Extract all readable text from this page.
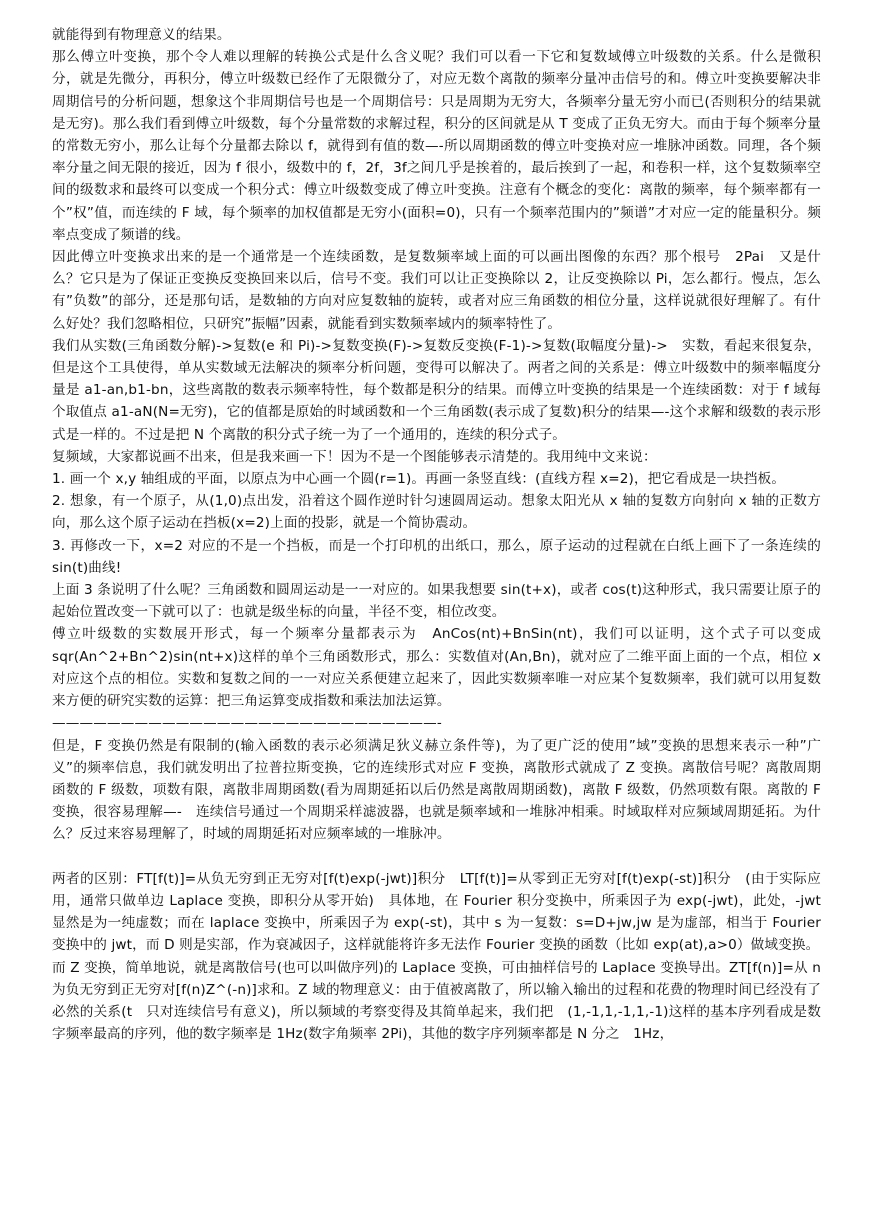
就能得到有物理意义的结果。

那么傅立叶变换，那个令人难以理解的转换公式是什么含义呢？我们可以看一下它和复数域傅立叶级数的关系。什么是微积分，就是先微分，再积分，傅立叶级数已经作了无限微分了，对应无数个离散的频率分量冲击信号的和。傅立叶变换要解决非周期信号的分析问题，想象这个非周期信号也是一个周期信号：只是周期为无穷大，各频率分量无穷小而已(否则积分的结果就是无穷)。那么我们看到傅立叶级数，每个分量常数的求解过程，积分的区间就是从 T 变成了正负无穷大。而由于每个频率分量的常数无穷小，那么让每个分量都去除以 f，就得到有值的数—-所以周期函数的傅立叶变换对应一堆脉冲函数。同理，各个频率分量之间无限的接近，因为 f 很小，级数中的 f，2f，3f之间几乎是挨着的，最后挨到了一起，和卷积一样，这个复数频率空间的级数求和最终可以变成一个积分式：傅立叶级数变成了傅立叶变换。注意有个概念的变化：离散的频率，每个频率都有一个”权”值，而连续的 F 域，每个频率的加权值都是无穷小(面积=0)，只有一个频率范围内的”频谱”才对应一定的能量积分。频率点变成了频谱的线。

因此傅立叶变换求出来的是一个通常是一个连续函数，是复数频率域上面的可以画出图像的东西？那个根号　2Pai　又是什么？它只是为了保证正变换反变换回来以后，信号不变。我们可以让正变换除以 2，让反变换除以 Pi，怎么都行。慢点，怎么有”负数”的部分，还是那句话，是数轴的方向对应复数轴的旋转，或者对应三角函数的相位分量，这样说就很好理解了。有什么好处？我们忽略相位，只研究”振幅”因素，就能看到实数频率域内的频率特性了。

我们从实数(三角函数分解)->复数(e 和 Pi)->复数变换(F)->复数反变换(F-1)->复数(取幅度分量)->　实数，看起来很复杂，但是这个工具使得，单从实数域无法解决的频率分析问题，变得可以解决了。两者之间的关系是：傅立叶级数中的频率幅度分量是 a1-an,b1-bn，这些离散的数表示频率特性，每个数都是积分的结果。而傅立叶变换的结果是一个连续函数：对于 f 域每个取值点 a1-aN(N=无穷)，它的值都是原始的时域函数和一个三角函数(表示成了复数)积分的结果—-这个求解和级数的表示形式是一样的。不过是把 N 个离散的积分式子统一为了一个通用的，连续的积分式子。

复频域，大家都说画不出来，但是我来画一下！因为不是一个图能够表示清楚的。我用纯中文来说：

1. 画一个 x,y 轴组成的平面，以原点为中心画一个圆(r=1)。再画一条竖直线：(直线方程 x=2)，把它看成是一块挡板。

2. 想象，有一个原子，从(1,0)点出发，沿着这个圆作逆时针匀速圆周运动。想象太阳光从 x 轴的复数方向射向 x 轴的正数方向，那么这个原子运动在挡板(x=2)上面的投影，就是一个简协震动。

3. 再修改一下，x=2 对应的不是一个挡板，而是一个打印机的出纸口，那么，原子运动的过程就在白纸上画下了一条连续的 sin(t)曲线!

上面 3 条说明了什么呢？三角函数和圆周运动是一一对应的。如果我想要 sin(t+x)，或者 cos(t)这种形式，我只需要让原子的起始位置改变一下就可以了：也就是级坐标的向量，半径不变，相位改变。

傅立叶级数的实数展开形式，每一个频率分量都表示为　AnCos(nt)+BnSin(nt)，我们可以证明，这个式子可以变成 sqr(An^2+Bn^2)sin(nt+x)这样的单个三角函数形式，那么：实数值对(An,Bn)，就对应了二维平面上面的一个点，相位 x 对应这个点的相位。实数和复数之间的一一对应关系便建立起来了，因此实数频率唯一对应某个复数频率，我们就可以用复数来方便的研究实数的运算：把三角运算变成指数和乘法加法运算。

————————————————————————————-

但是，F 变换仍然是有限制的(输入函数的表示必须满足狄义赫立条件等)，为了更广泛的使用”域”变换的思想来表示一种”广义”的频率信息，我们就发明出了拉普拉斯变换，它的连续形式对应 F 变换，离散形式就成了 Z 变换。离散信号呢？离散周期函数的 F 级数，项数有限，离散非周期函数(看为周期延拓以后仍然是离散周期函数)，离散 F 级数，仍然项数有限。离散的 F 变换，很容易理解—-　连续信号通过一个周期采样滤波器，也就是频率域和一堆脉冲相乘。时域取样对应频域周期延拓。为什么？反过来容易理解了，时域的周期延拓对应频率域的一堆脉冲。

两者的区别：FT[f(t)]=从负无穷到正无穷对[f(t)exp(-jwt)]积分　LT[f(t)]=从零到正无穷对[f(t)exp(-st)]积分　(由于实际应用，通常只做单边 Laplace 变换，即积分从零开始)　具体地，在 Fourier 积分变换中，所乘因子为 exp(-jwt)，此处，-jwt 显然是为一纯虚数；而在 laplace 变换中，所乘因子为 exp(-st)，其中 s 为一复数：s=D+jw,jw 是为虚部，相当于 Fourier 变换中的 jwt，而 D 则是实部，作为衰减因子，这样就能将许多无法作 Fourier 变换的函数（比如 exp(at),a>0）做域变换。

而 Z 变换，简单地说，就是离散信号(也可以叫做序列)的 Laplace 变换，可由抽样信号的 Laplace 变换导出。ZT[f(n)]=从 n 为负无穷到正无穷对[f(n)Z^(-n)]求和。Z 域的物理意义：由于值被离散了，所以输入输出的过程和花费的物理时间已经没有了必然的关系(t　只对连续信号有意义)，所以频域的考察变得及其简单起来，我们把　(1,-1,1,-1,1,-1)这样的基本序列看成是数字频率最高的序列，他的数字频率是 1Hz(数字角频率 2Pi)，其他的数字序列频率都是 N 分之　1Hz，
